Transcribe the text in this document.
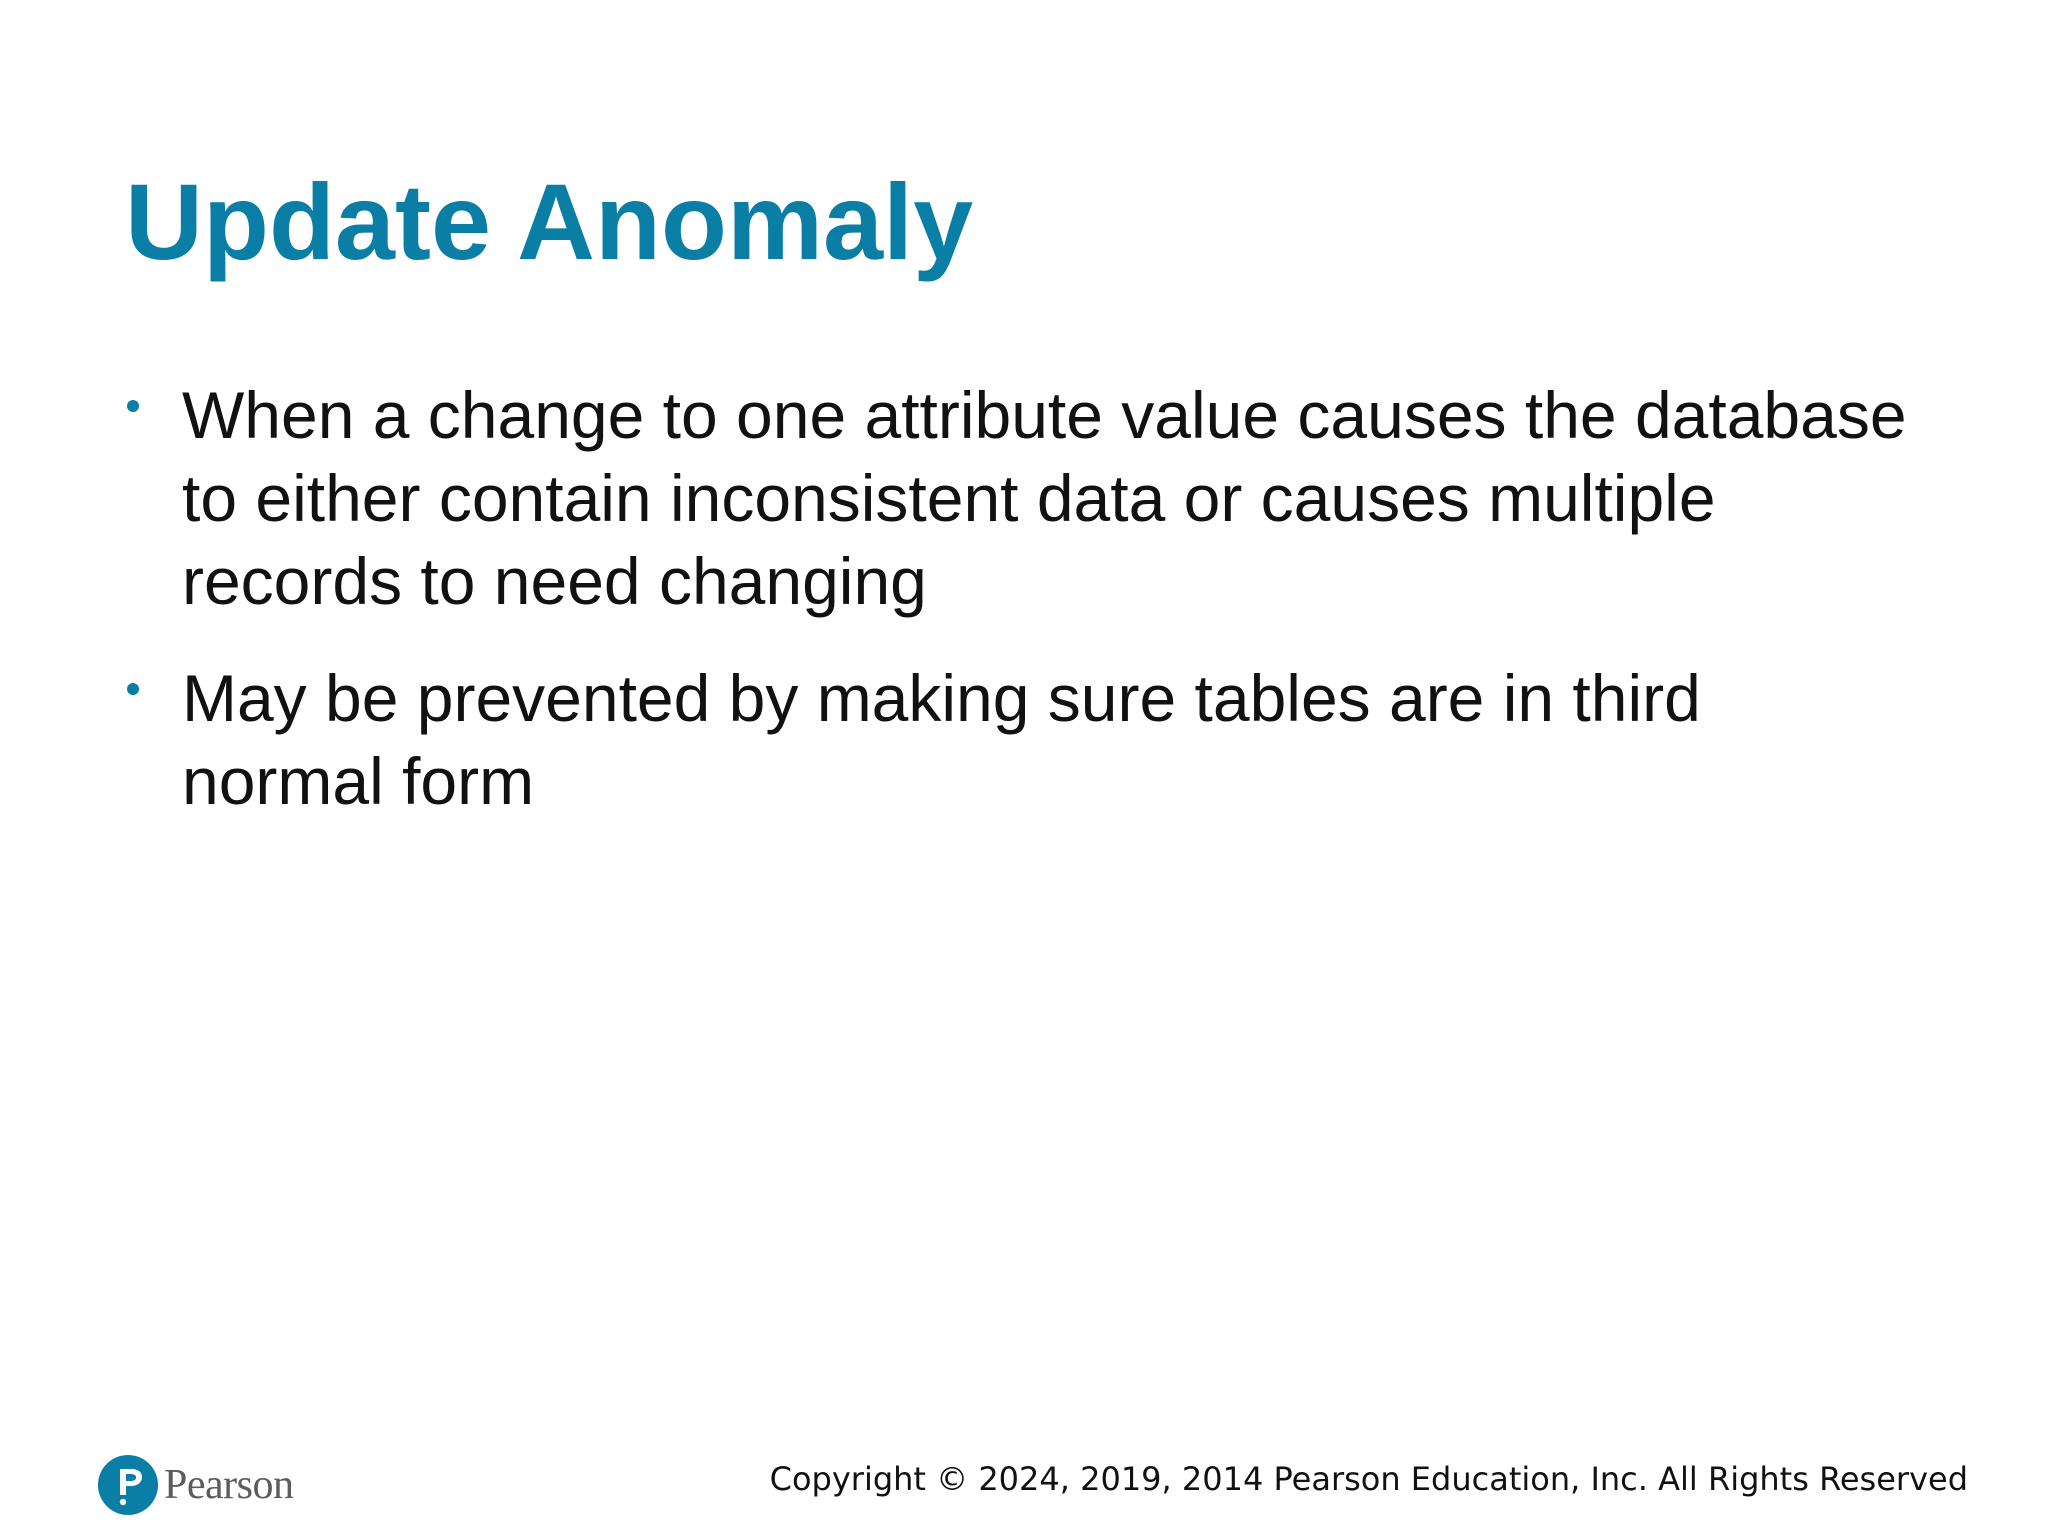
Update Anomaly
When a change to one attribute value causes the database to either contain inconsistent data or causes multiple records to need changing
May be prevented by making sure tables are in third normal form
Pearson	Copyright © 2024, 2019, 2014 Pearson Education, Inc. All Rights Reserved
